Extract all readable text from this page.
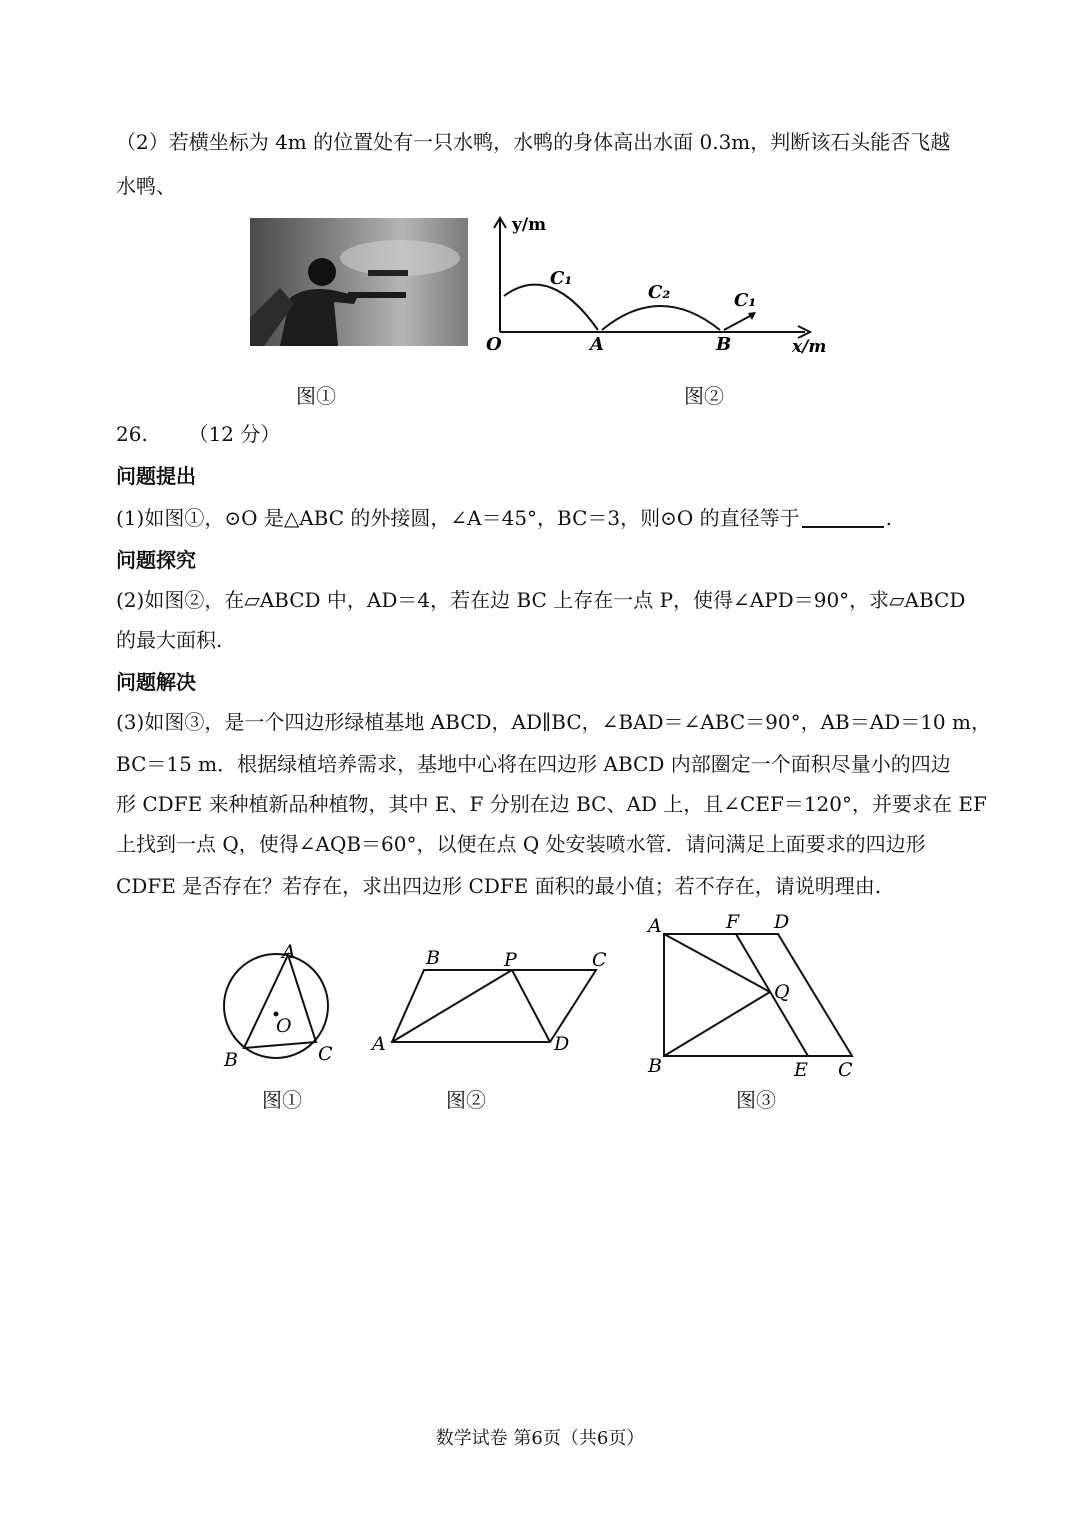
（2）若横坐标为 4m 的位置处有一只水鸭，水鸭的身体高出水面 0.3m，判断该石头能否飞越
水鸭、
y/m
x/m
O	A	B
C₁
C₂	C₁
图①	图②
26. （12 分）
问题提出
(1)如图①，⊙O 是△ABC 的外接圆，∠A＝45°，BC＝3，则⊙O 的直径等于	.
问题探究
(2)如图②，在▱ABCD 中，AD＝4，若在边 BC 上存在一点 P，使得∠APD＝90°，求▱ABCD
的最大面积.
问题解决
(3)如图③，是一个四边形绿植基地 ABCD，AD∥BC，∠BAD＝∠ABC＝90°，AB＝AD＝10 m，
BC＝15 m．根据绿植培养需求，基地中心将在四边形 ABCD 内部圈定一个面积尽量小的四边
形 CDFE 来种植新品种植物，其中 E、F 分别在边 BC、AD 上，且∠CEF＝120°，并要求在 EF
上找到一点 Q，使得∠AQB＝60°，以便在点 Q 处安装喷水管．请问满足上面要求的四边形
CDFE 是否存在？若存在，求出四边形 CDFE 面积的最小值；若不存在，请说明理由.
A
B	C
O
B	P	C
A	D
A	F D
Q
B	E C
图①	图②	图③
数学试卷 第6页（共6页）
